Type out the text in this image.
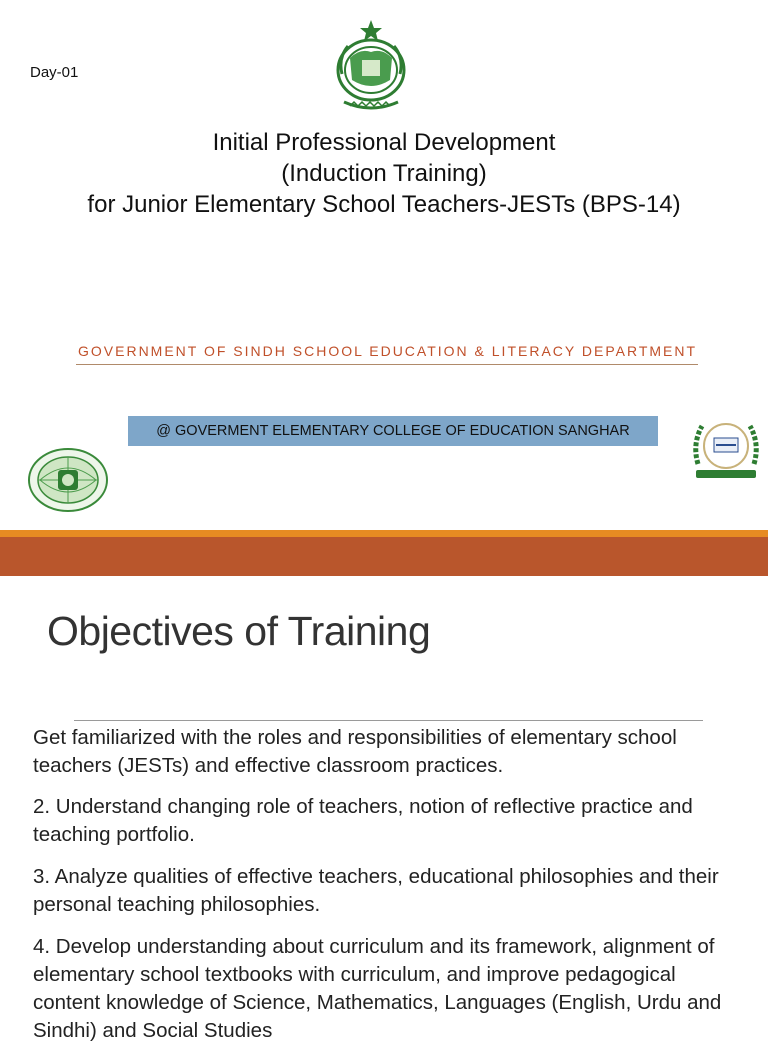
Day-01
Initial Professional Development
(Induction Training)
for Junior Elementary School Teachers-JESTs (BPS-14)
GOVERNMENT OF SINDH SCHOOL EDUCATION & LITERACY DEPARTMENT
@ GOVERMENT ELEMENTARY COLLEGE OF EDUCATION SANGHAR
Objectives of Training
Get familiarized with the roles and responsibilities of elementary school teachers (JESTs) and effective classroom practices.
2. Understand changing role of teachers, notion of reflective practice and teaching portfolio.
3. Analyze qualities of effective teachers, educational philosophies and their personal teaching philosophies.
4. Develop understanding about curriculum and its framework, alignment of elementary school textbooks with curriculum, and improve pedagogical content knowledge of Science, Mathematics, Languages (English, Urdu and Sindhi) and Social Studies
